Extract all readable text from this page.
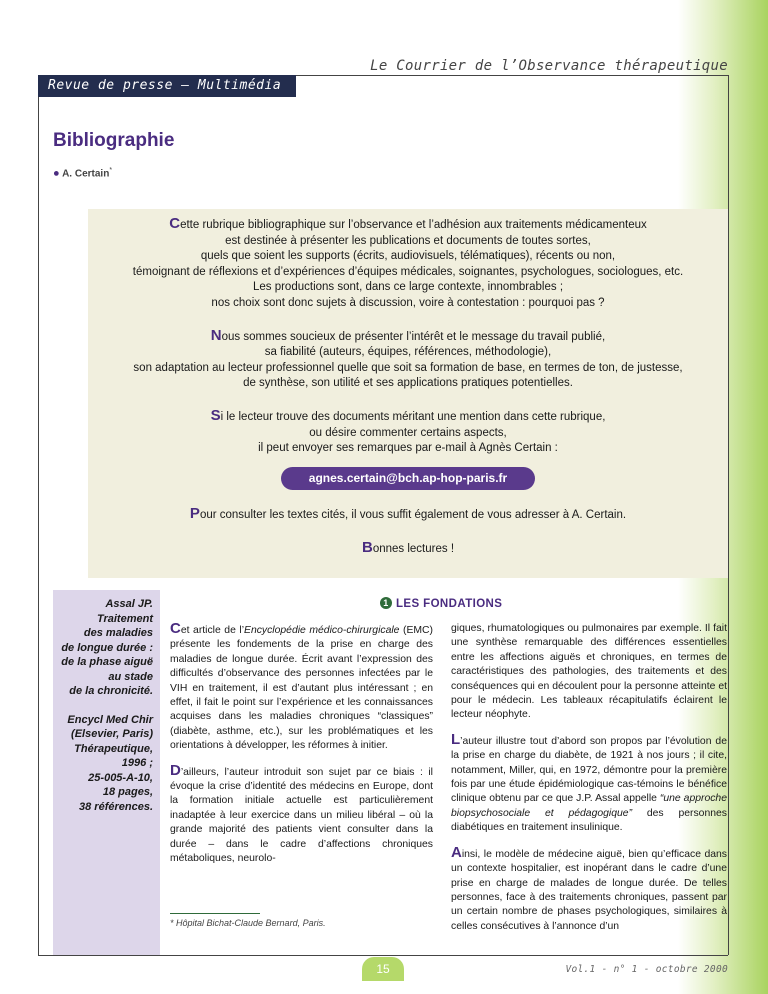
Le Courrier de l’Observance thérapeutique
Revue de presse – Multimédia
Bibliographie
● A. Certain*

Cette rubrique bibliographique sur l’observance et l’adhésion aux traitements médicamenteux
est destinée à présenter les publications et documents de toutes sortes,
quels que soient les supports (écrits, audiovisuels, télématiques), récents ou non,
témoignant de réflexions et d’expériences d’équipes médicales, soignantes, psychologues, sociologues, etc.
Les productions sont, dans ce large contexte, innombrables ;
nos choix sont donc sujets à discussion, voire à contestation : pourquoi pas ?

Nous sommes soucieux de présenter l’intérêt et le message du travail publié,
sa fiabilité (auteurs, équipes, références, méthodologie),
son adaptation au lecteur professionnel quelle que soit sa formation de base, en termes de ton, de justesse,
de synthèse, son utilité et ses applications pratiques potentielles.

Si le lecteur trouve des documents méritant une mention dans cette rubrique,
ou désire commenter certains aspects,
il peut envoyer ses remarques par e-mail à Agnès Certain :

agnes.certain@bch.ap-hop-paris.fr

Pour consulter les textes cités, il vous suffit également de vous adresser à A. Certain.

Bonnes lectures !

Assal JP.
Traitement
des maladies
de longue durée :
de la phase aiguë
au stade
de la chronicité.

Encycl Med Chir
(Elsevier, Paris)
Thérapeutique,
1996 ;
25-005-A-10,
18 pages,
38 références.

1 LES FONDATIONS

Cet article de l’Encyclopédie médico-chirurgicale (EMC) présente les fondements de la prise en charge des maladies de longue durée. Écrit avant l’expression des difficultés d’observance des personnes infectées par le VIH en traitement, il est d’autant plus intéressant ; en effet, il fait le point sur l’expérience et les connaissances acquises dans les maladies chroniques “classiques” (diabète, asthme, etc.), sur les problématiques et les orientations à développer, les réformes à initier.

D’ailleurs, l’auteur introduit son sujet par ce biais : il évoque la crise d’identité des médecins en Europe, dont la formation initiale actuelle est particulièrement inadaptée à leur exercice dans un milieu libéral – où la grande majorité des patients vient consulter dans la durée – dans le cadre d’affections chroniques métaboliques, neurolo-

giques, rhumatologiques ou pulmonaires par exemple. Il fait une synthèse remarquable des différences essentielles entre les affections aiguës et chroniques, en termes de caractéristiques des pathologies, des traitements et des conséquences qui en découlent pour la personne atteinte et pour le médecin. Les tableaux récapitulatifs éclairent le lecteur néophyte.

L’auteur illustre tout d’abord son propos par l’évolution de la prise en charge du diabète, de 1921 à nos jours ; il cite, notamment, Miller, qui, en 1972, démontre pour la première fois par une étude épidémiologique cas-témoins le bénéfice clinique obtenu par ce que J.P. Assal appelle “une approche biopsychosociale et pédagogique” des personnes diabétiques en traitement insulinique.

Ainsi, le modèle de médecine aiguë, bien qu’efficace dans un contexte hospitalier, est inopérant dans le cadre d’une prise en charge de malades de longue durée. De telles personnes, face à des traitements chroniques, passent par un certain nombre de phases psychologiques, similaires à celles consécutives à l’annonce d’un

* Hôpital Bichat-Claude Bernard, Paris.
15	Vol.1 - n° 1 - octobre 2000
